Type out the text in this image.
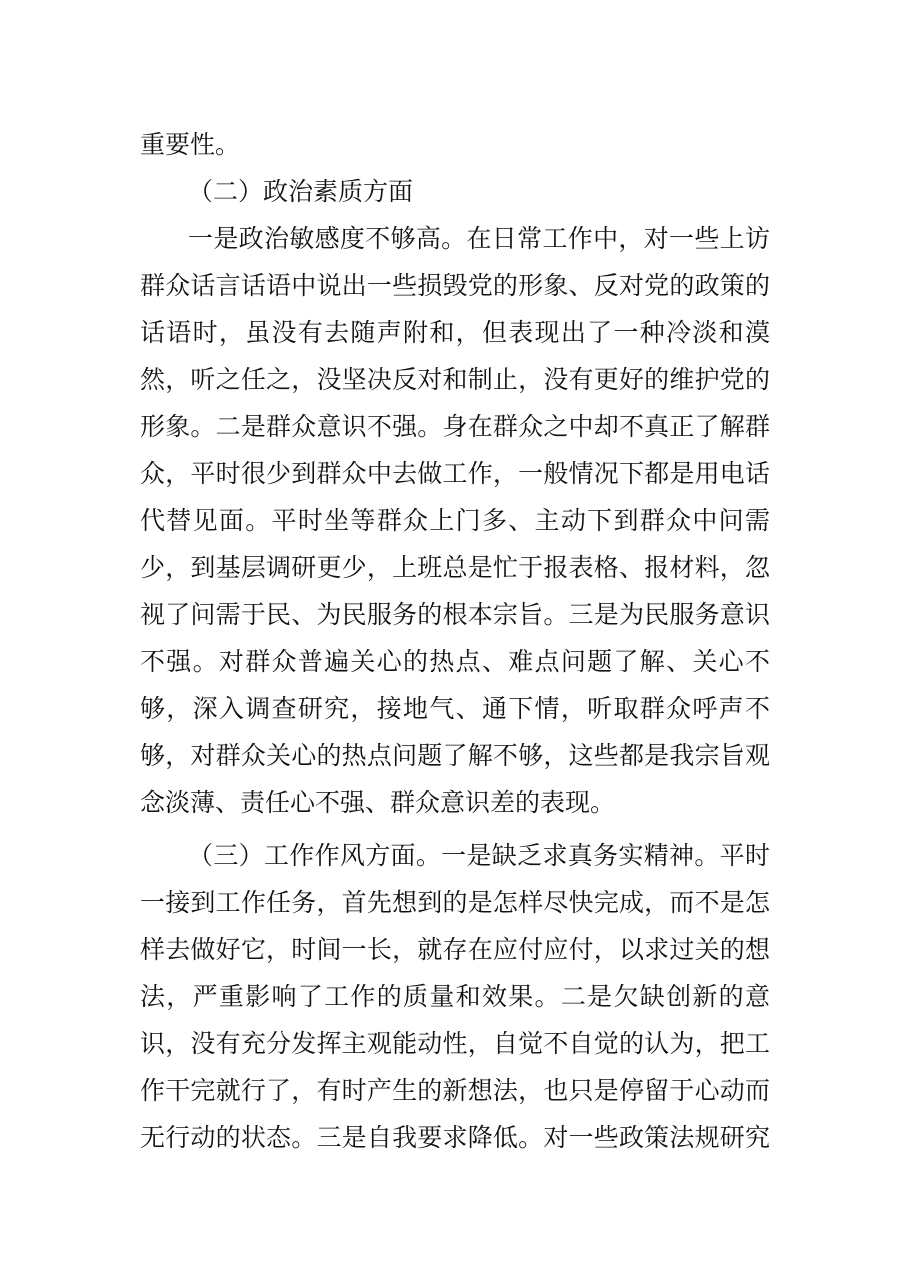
重要性。
（二）政治素质方面
一是政治敏感度不够高。在日常工作中，对一些上访
群众话言话语中说出一些损毁党的形象、反对党的政策的
话语时，虽没有去随声附和，但表现出了一种冷淡和漠
然，听之任之，没坚决反对和制止，没有更好的维护党的
形象。二是群众意识不强。身在群众之中却不真正了解群
众，平时很少到群众中去做工作，一般情况下都是用电话
代替见面。平时坐等群众上门多、主动下到群众中问需
少，到基层调研更少，上班总是忙于报表格、报材料，忽
视了问需于民、为民服务的根本宗旨。三是为民服务意识
不强。对群众普遍关心的热点、难点问题了解、关心不
够，深入调查研究，接地气、通下情，听取群众呼声不
够，对群众关心的热点问题了解不够，这些都是我宗旨观
念淡薄、责任心不强、群众意识差的表现。
（三）工作作风方面。一是缺乏求真务实精神。平时
一接到工作任务，首先想到的是怎样尽快完成，而不是怎
样去做好它，时间一长，就存在应付应付，以求过关的想
法，严重影响了工作的质量和效果。二是欠缺创新的意
识，没有充分发挥主观能动性，自觉不自觉的认为，把工
作干完就行了，有时产生的新想法，也只是停留于心动而
无行动的状态。三是自我要求降低。对一些政策法规研究
